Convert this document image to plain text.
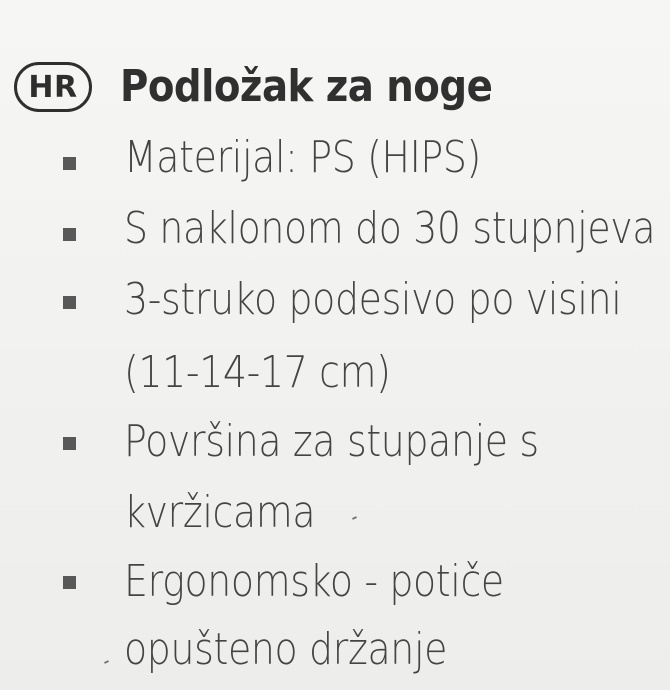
HR Podložak za noge
Materijal: PS (HIPS)
S naklonom do 30 stupnjeva
3-struko podesivo po visini
(11-14-17 cm)
Površina za stupanje s
kvržicama
Ergonomsko - potiče
opušteno držanje
